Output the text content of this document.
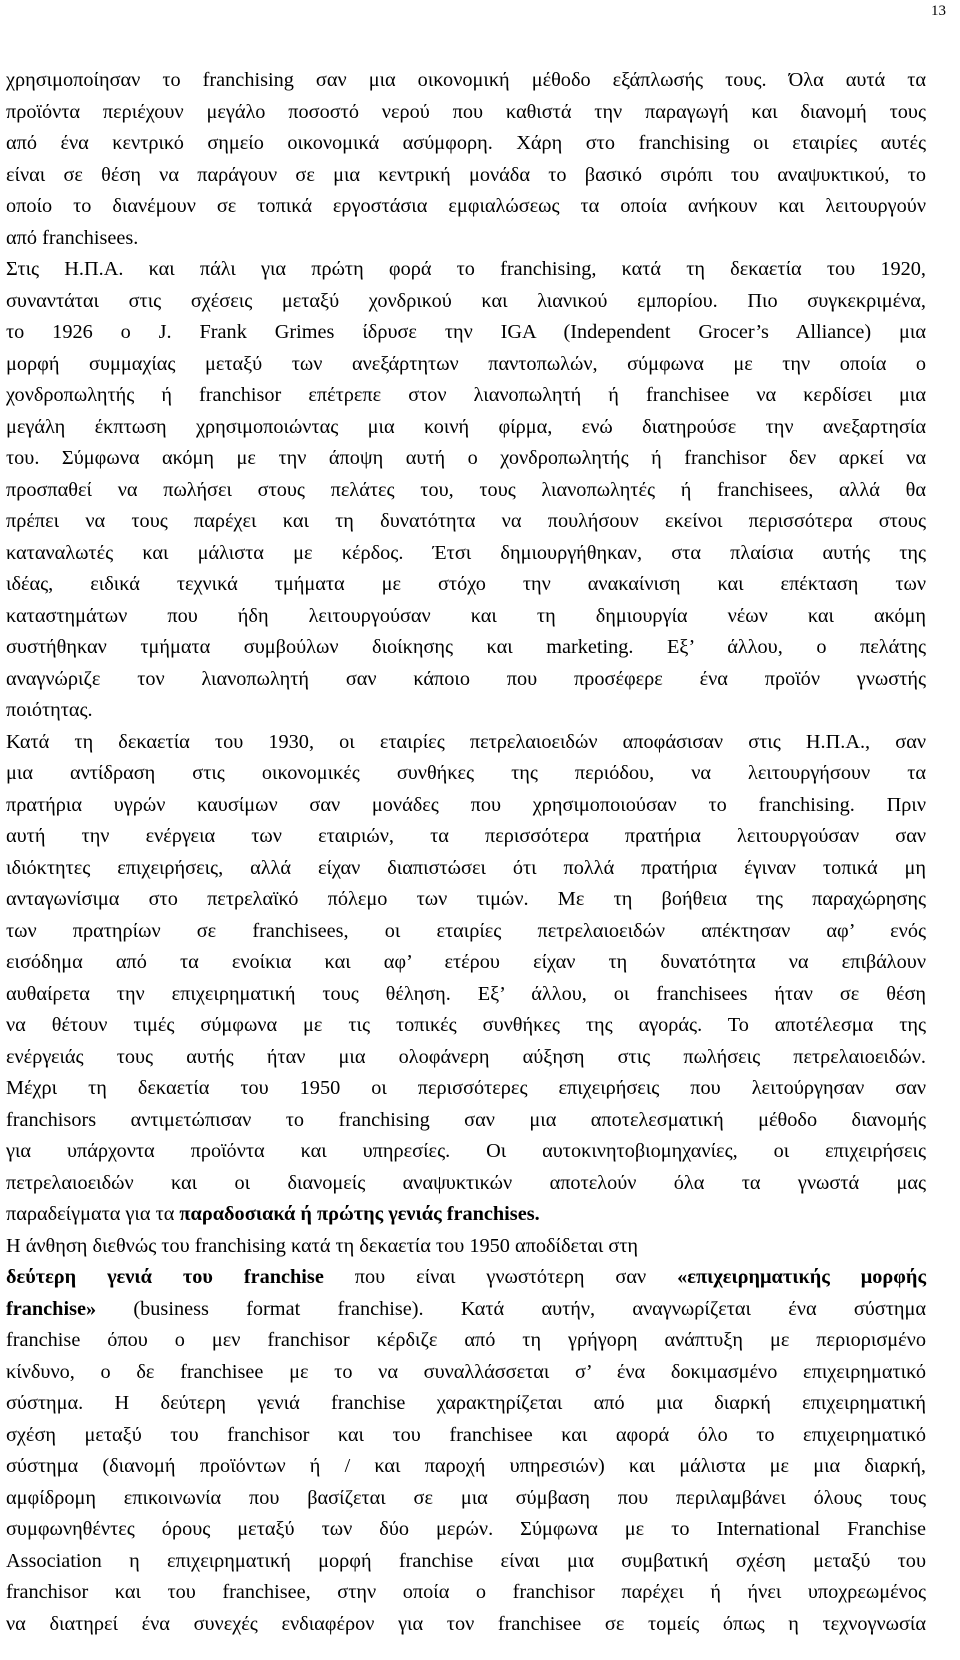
13
χρησιμοποίησαν το franchising σαν μια οικονομική μέθοδο εξάπλωσής τους. Όλα αυτά τα
προϊόντα περιέχουν μεγάλο ποσοστό νερού που καθιστά την παραγωγή και διανομή τους
από ένα κεντρικό σημείο οικονομικά ασύμφορη. Χάρη στο franchising οι εταιρίες αυτές
είναι σε θέση να παράγουν σε μια κεντρική μονάδα το βασικό σιρόπι του αναψυκτικού, το
οποίο το διανέμουν σε τοπικά εργοστάσια εμφιαλώσεως τα οποία ανήκουν και λειτουργούν
από franchisees.
Στις Η.Π.Α. και πάλι για πρώτη φορά το franchising, κατά τη δεκαετία του 1920,
συναντάται στις σχέσεις μεταξύ χονδρικού και λιανικού εμπορίου. Πιο συγκεκριμένα,
το 1926 ο J. Frank Grimes ίδρυσε την IGA (Independent Grocer’s Alliance) μια
μορφή συμμαχίας μεταξύ των ανεξάρτητων παντοπωλών, σύμφωνα με την οποία ο
χονδροπωλητής ή franchisor επέτρεπε στον λιανοπωλητή ή franchisee να κερδίσει μια
μεγάλη έκπτωση χρησιμοποιώντας μια κοινή φίρμα, ενώ διατηρούσε την ανεξαρτησία
του. Σύμφωνα ακόμη με την άποψη αυτή ο χονδροπωλητής ή franchisor δεν αρκεί να
προσπαθεί να πωλήσει στους πελάτες του, τους λιανοπωλητές ή franchisees, αλλά θα
πρέπει να τους παρέχει και τη δυνατότητα να πουλήσουν εκείνοι περισσότερα στους
καταναλωτές και μάλιστα με κέρδος. Έτσι δημιουργήθηκαν, στα πλαίσια αυτής της
ιδέας, ειδικά τεχνικά τμήματα με στόχο την ανακαίνιση και επέκταση των
καταστημάτων που ήδη λειτουργούσαν και τη δημιουργία νέων και ακόμη
συστήθηκαν τμήματα συμβούλων διοίκησης και marketing. Εξ’ άλλου, ο πελάτης
αναγνώριζε τον λιανοπωλητή σαν κάποιο που προσέφερε ένα προϊόν γνωστής
ποιότητας.
Κατά τη δεκαετία του 1930, οι εταιρίες πετρελαιοειδών αποφάσισαν στις Η.Π.Α., σαν
μια αντίδραση στις οικονομικές συνθήκες της περιόδου, να λειτουργήσουν τα
πρατήρια υγρών καυσίμων σαν μονάδες που χρησιμοποιούσαν το franchising. Πριν
αυτή την ενέργεια των εταιριών, τα περισσότερα πρατήρια λειτουργούσαν σαν
ιδιόκτητες επιχειρήσεις, αλλά είχαν διαπιστώσει ότι πολλά πρατήρια έγιναν τοπικά μη
ανταγωνίσιμα στο πετρελαϊκό πόλεμο των τιμών. Με τη βοήθεια της παραχώρησης
των πρατηρίων σε franchisees, οι εταιρίες πετρελαιοειδών απέκτησαν αφ’ ενός
εισόδημα από τα ενοίκια και αφ’ ετέρου είχαν τη δυνατότητα να επιβάλουν
αυθαίρετα την επιχειρηματική τους θέληση. Εξ’ άλλου, οι franchisees ήταν σε θέση
να θέτουν τιμές σύμφωνα με τις τοπικές συνθήκες της αγοράς. Το αποτέλεσμα της
ενέργειάς τους αυτής ήταν μια ολοφάνερη αύξηση στις πωλήσεις πετρελαιοειδών.
Μέχρι τη δεκαετία του 1950 οι περισσότερες επιχειρήσεις που λειτούργησαν σαν
franchisors αντιμετώπισαν το franchising σαν μια αποτελεσματική μέθοδο διανομής
για υπάρχοντα προϊόντα και υπηρεσίες. Οι αυτοκινητοβιομηχανίες, οι επιχειρήσεις
πετρελαιοειδών και οι διανομείς αναψυκτικών αποτελούν όλα τα γνωστά μας
παραδείγματα για τα παραδοσιακά ή πρώτης γενιάς franchises.
Η άνθηση διεθνώς του franchising κατά τη δεκαετία του 1950 αποδίδεται στη
δεύτερη γενιά του franchise που είναι γνωστότερη σαν «επιχειρηματικής μορφής
franchise» (business format franchise). Κατά αυτήν, αναγνωρίζεται ένα σύστημα
franchise όπου ο μεν franchisor κέρδιζε από τη γρήγορη ανάπτυξη με περιορισμένο
κίνδυνο, ο δε franchisee με το να συναλλάσσεται σ’ ένα δοκιμασμένο επιχειρηματικό
σύστημα. Η δεύτερη γενιά franchise χαρακτηρίζεται από μια διαρκή επιχειρηματική
σχέση μεταξύ του franchisor και του franchisee και αφορά όλο το επιχειρηματικό
σύστημα (διανομή προϊόντων ή / και παροχή υπηρεσιών) και μάλιστα με μια διαρκή,
αμφίδρομη επικοινωνία που βασίζεται σε μια σύμβαση που περιλαμβάνει όλους τους
συμφωνηθέντες όρους μεταξύ των δύο μερών. Σύμφωνα με το International Franchise
Association η επιχειρηματική μορφή franchise είναι μια συμβατική σχέση μεταξύ του
franchisor και του franchisee, στην οποία ο franchisor παρέχει ή ήνει υποχρεωμένος
να διατηρεί ένα συνεχές ενδιαφέρον για τον franchisee σε τομείς όπως η τεχνογνωσία
